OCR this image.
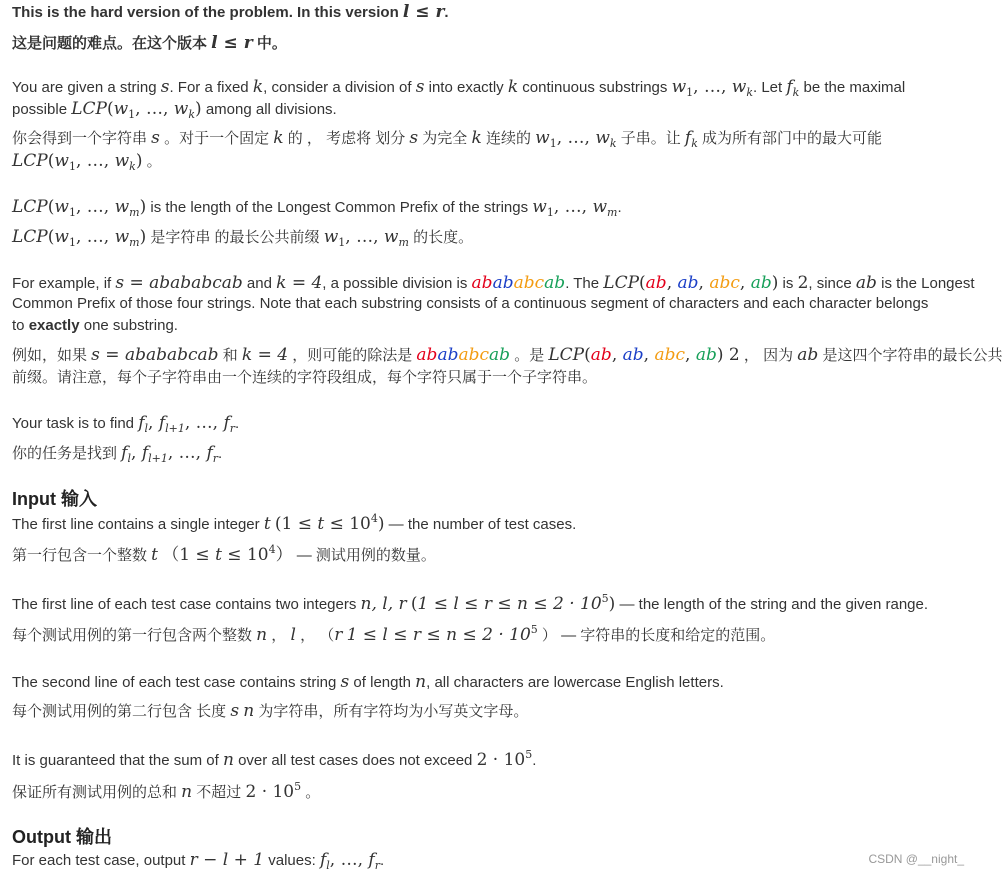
This is the hard version of the problem. In this version l ≤ r.
这是问题的难点。在这个版本 l ≤ r 中。
You are given a string s. For a fixed k, consider a division of s into exactly k continuous substrings $w_1$, …, $w_k$. Let $f_k$ be the maximal
possible $LCP(w_1$, …, $w_k$) among all divisions.
你会得到一个字符串 s 。对于一个固定 k 的 ， 考虑将 划分 s 为完全 k 连续的 $w_1$, …, $w_k$ 子串。让 $f_k$ 成为所有部门中的最大可能
$LCP(w_1$, …, $w_k$) 。
$LCP(w_1$, …, $w_m$) is the length of the Longest Common Prefix of the strings $w_1$, …, $w_m$.
$LCP(w_1$, …, $w_m$) 是字符串 的最长公共前缀 $w_1$, …, $w_m$ 的长度。
For example, if s = abababcab and k = 4, a possible division is abababcab. The LCP(ab, ab, abc, ab) is 2, since ab is the Longest
Common Prefix of those four strings. Note that each substring consists of a continuous segment of characters and each character belongs
to exactly one substring.
例如，如果 s = abababcab 和 k = 4 ，则可能的除法是 abababcab 。是 LCP(ab, ab, abc, ab) 2 ， 因为 ab 是这四个字符串的最长公共
前缀。请注意，每个子字符串由一个连续的字符段组成，每个字符只属于一个子字符串。
Your task is to find $f_l$, $f_{l+1}$, …, $f_r$.
你的任务是找到 $f_l$, $f_{l+1}$, …, $f_r$.
Input 输入
The first line contains a single integer t $(1 \le t \le 10^4)$ — the number of test cases.
第一行包含一个整数 t $(1 \le t \le 10^4)$ — 测试用例的数量。
The first line of each test case contains two integers n, l, r $(1 \le l \le r \le n \le 2 \cdot 10^5)$ — the length of the string and the given range.
每个测试用例的第一行包含两个整数 n ， l ， （r $1 \le l \le r \le n \le 2 \cdot 10^5$ ） — 字符串的长度和给定的范围。
The second line of each test case contains string s of length n, all characters are lowercase English letters.
每个测试用例的第二行包含 长度 s n 为字符串，所有字符均为小写英文字母。
It is guaranteed that the sum of n over all test cases does not exceed $2 \cdot 10^5$.
保证所有测试用例的总和 n 不超过 $2 \cdot 10^5$ 。
Output 输出
For each test case, output r − l + 1 values: $f_l$, …, $f_r$.	CSDN @__night_
